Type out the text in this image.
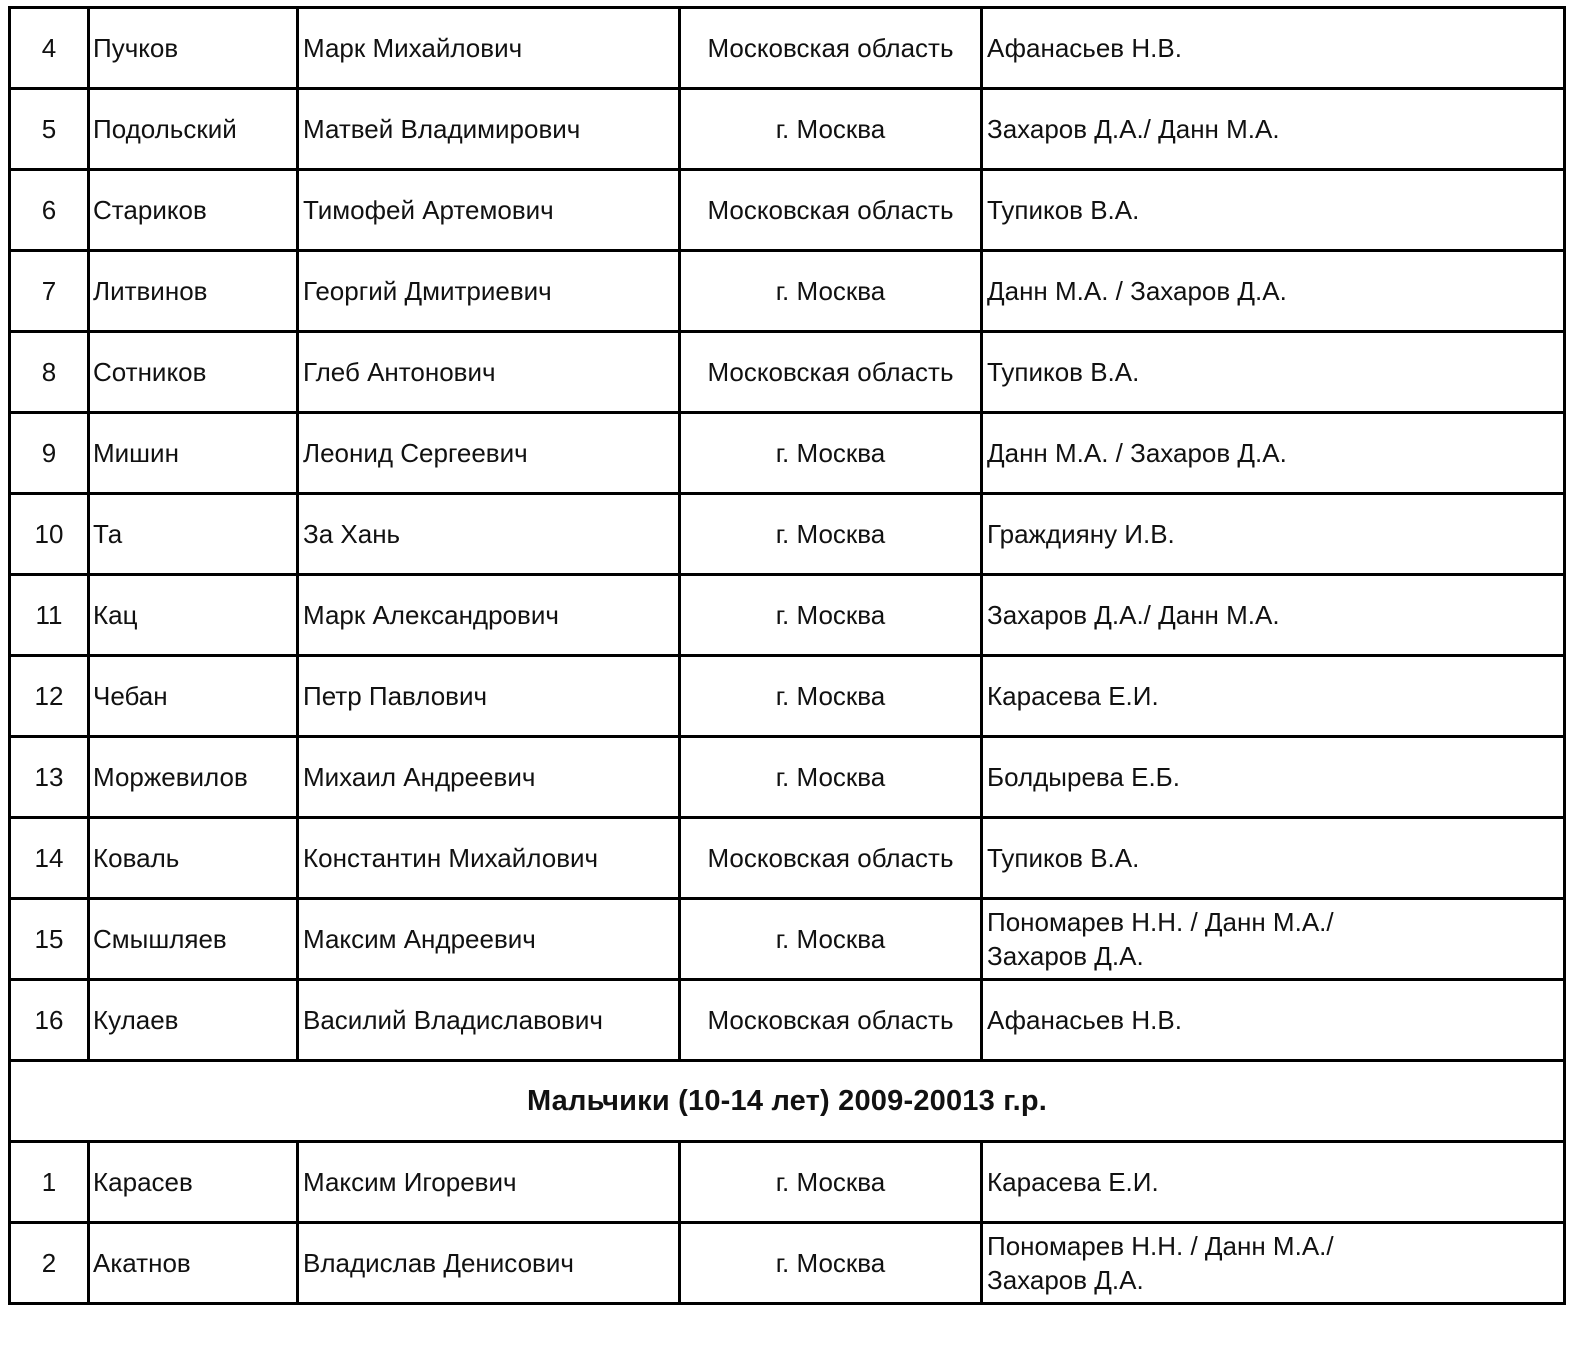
4	Пучков	Марк Михайлович	Московская область	Афанасьев Н.В.

5	Подольский	Матвей Владимирович	г. Москва	Захаров Д.А./ Данн М.А.

6	Стариков	Тимофей Артемович	Московская область	Тупиков В.А.

7	Литвинов	Георгий Дмитриевич	г. Москва	Данн М.А. / Захаров Д.А.

8	Сотников	Глеб Антонович	Московская область	Тупиков В.А.

9	Мишин	Леонид Сергеевич	г. Москва	Данн М.А. / Захаров Д.А.

10	Та	За Хань	г. Москва	Граждияну И.В.

11	Кац	Марк Александрович	г. Москва	Захаров Д.А./ Данн М.А.

12	Чебан	Петр Павлович	г. Москва	Карасева Е.И.

13	Моржевилов	Михаил Андреевич	г. Москва	Болдырева Е.Б.

14	Коваль	Константин Михайлович	Московская область	Тупиков В.А.

15	Смышляев	Максим Андреевич	г. Москва	Пономарев Н.Н. / Данн М.А./
Захаров Д.А.

16	Кулаев	Василий Владиславович	Московская область	Афанасьев Н.В.

Мальчики (10-14 лет) 2009-20013 г.р.				
1	Карасев	Максим Игоревич	г. Москва	Карасева Е.И.

2	Акатнов	Владислав Денисович	г. Москва	Пономарев Н.Н. / Данн М.А./
Захаров Д.А.
